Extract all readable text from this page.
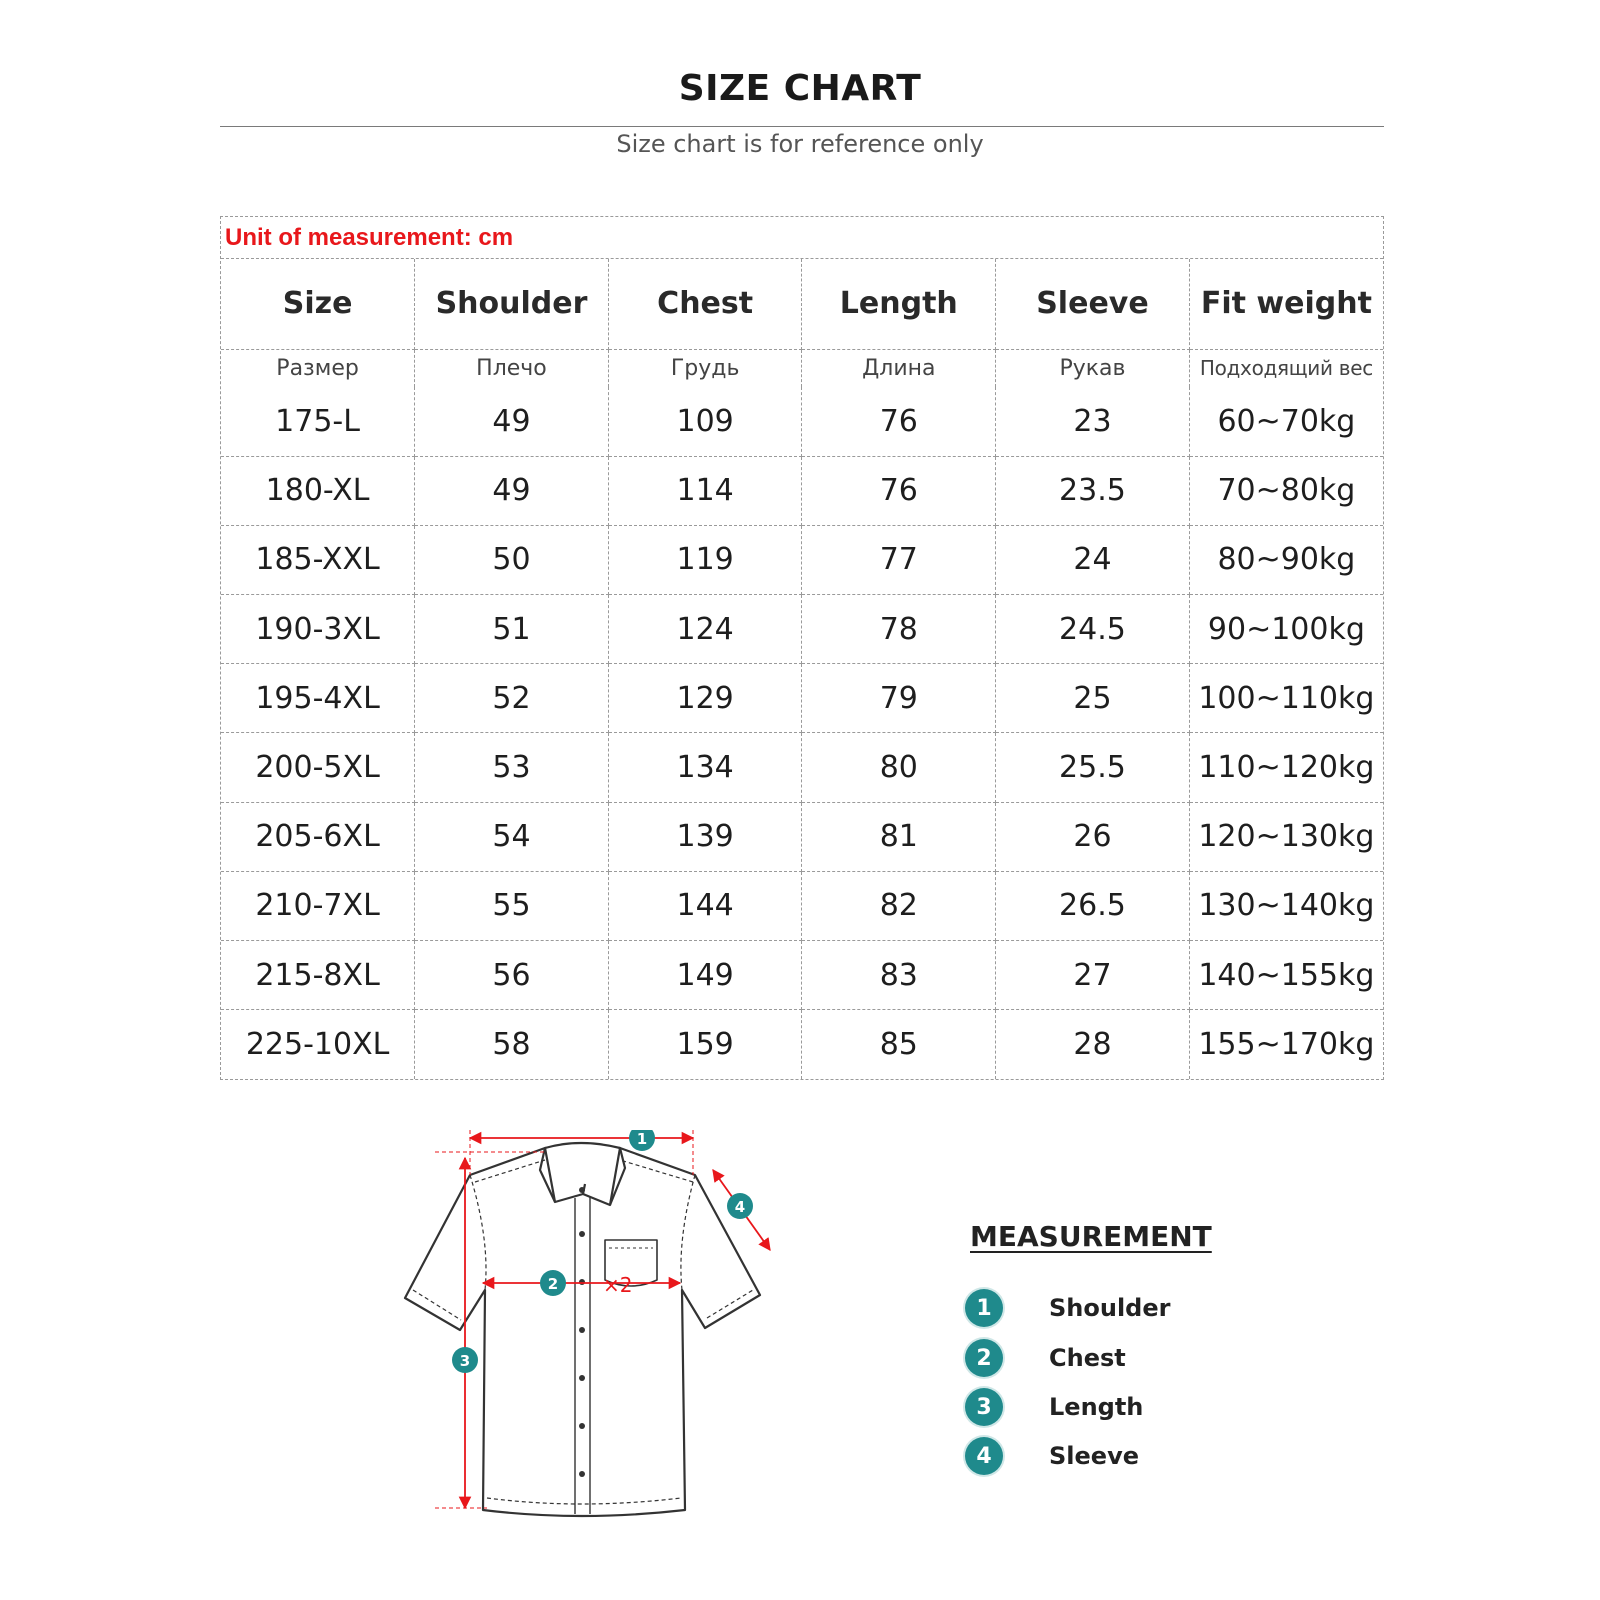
SIZE CHART
Size chart is for reference only
Unit of measurement: cm
Size	Shoulder	Chest	Length	Sleeve	Fit weight
Размер	Плечо	Грудь	Длина	Рукав	Подходящий вес
175-L	49	109	76	23	60~70kg
180-XL	49	114	76	23.5	70~80kg
185-XXL	50	119	77	24	80~90kg
190-3XL	51	124	78	24.5	90~100kg
195-4XL	52	129	79	25	100~110kg
200-5XL	53	134	80	25.5	110~120kg
205-6XL	54	139	81	26	120~130kg
210-7XL	55	144	82	26.5	130~140kg
215-8XL	56	149	83	27	140~155kg
225-10XL	58	159	85	28	155~170kg
×2
1
2
3
4
MEASUREMENT
1	Shoulder
2	Chest
3	Length
4	Sleeve
